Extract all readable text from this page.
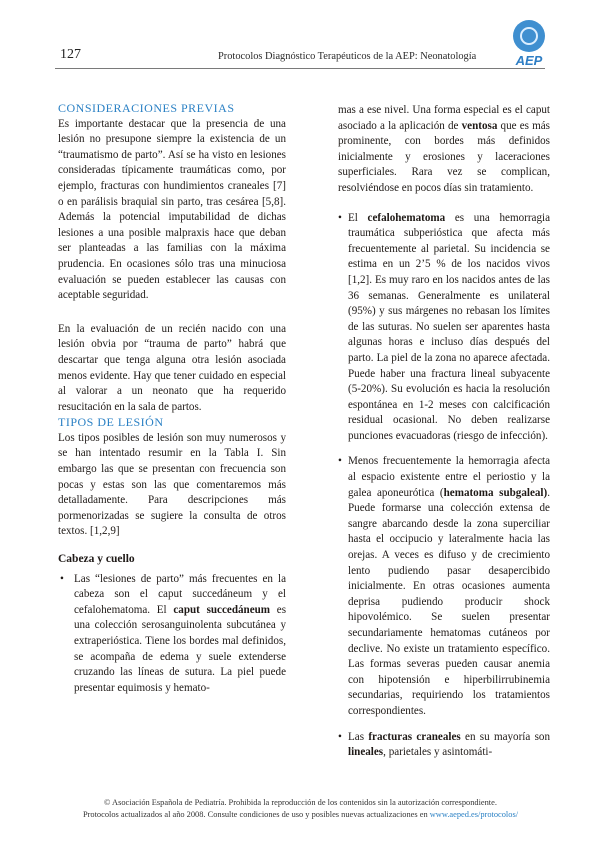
127	Protocolos Diagnóstico Terapéuticos de la AEP: Neonatología	AEP

CONSIDERACIONES PREVIAS

Es importante destacar que la presencia de una lesión no presupone siempre la existencia de un “traumatismo de parto”. Así se ha visto en lesiones consideradas típicamente traumáticas como, por ejemplo, fracturas con hundimientos craneales [7] o en parálisis braquial sin parto, tras cesárea [5,8]. Además la potencial imputabilidad de dichas lesiones a una posible malpraxis hace que deban ser planteadas a las familias con la máxima prudencia. En ocasiones sólo tras una minuciosa evaluación se pueden establecer las causas con aceptable seguridad.

En la evaluación de un recién nacido con una lesión obvia por “trauma de parto” habrá que descartar que tenga alguna otra lesión asociada menos evidente. Hay que tener cuidado en especial al valorar a un neonato que ha requerido resucitación en la sala de partos.

TIPOS DE LESIÓN

Los tipos posibles de lesión son muy numerosos y se han intentado resumir en la Tabla I. Sin embargo las que se presentan con frecuencia son pocas y estas son las que comentaremos más detalladamente. Para descripciones más pormenorizadas se sugiere la consulta de otros textos. [1,2,9]

Cabeza y cuello

• Las “lesiones de parto” más frecuentes en la cabeza son el caput succedáneum y el cefalohematoma. El caput succedáneum es una colección serosanguinolenta subcutánea y extraperióstica. Tiene los bordes mal definidos, se acompaña de edema y suele extenderse cruzando las líneas de sutura. La piel puede presentar equimosis y hemato-

mas a ese nivel. Una forma especial es el caput asociado a la aplicación de ventosa que es más prominente, con bordes más definidos inicialmente y erosiones y laceraciones superficiales. Rara vez se complican, resolviéndose en pocos días sin tratamiento.

• El cefalohematoma es una hemorragia traumática subperióstica que afecta más frecuentemente al parietal. Su incidencia se estima en un 2’5 % de los nacidos vivos [1,2]. Es muy raro en los nacidos antes de las 36 semanas. Generalmente es unilateral (95%) y sus márgenes no rebasan los límites de las suturas. No suelen ser aparentes hasta algunas horas e incluso días después del parto. La piel de la zona no aparece afectada. Puede haber una fractura lineal subyacente (5-20%). Su evolución es hacia la resolución espontánea en 1-2 meses con calcificación residual ocasional. No deben realizarse punciones evacuadoras (riesgo de infección).
• Menos frecuentemente la hemorragia afecta al espacio existente entre el periostio y la galea aponeurótica (hematoma subgaleal). Puede formarse una colección extensa de sangre abarcando desde la zona superciliar hasta el occipucio y lateralmente hacia las orejas. A veces es difuso y de crecimiento lento pudiendo pasar desapercibido inicialmente. En otras ocasiones aumenta deprisa pudiendo producir shock hipovolémico. Se suelen presentar secundariamente hematomas cutáneos por declive. No existe un tratamiento específico. Las formas severas pueden causar anemia con hipotensión e hiperbilirrubinemia secundarias, requiriendo los tratamientos correspondientes.
• Las fracturas craneales en su mayoría son lineales, parietales y asintomáti-
© Asociación Española de Pediatría. Prohibida la reproducción de los contenidos sin la autorización correspondiente.
Protocolos actualizados al año 2008. Consulte condiciones de uso y posibles nuevas actualizaciones en www.aeped.es/protocolos/
